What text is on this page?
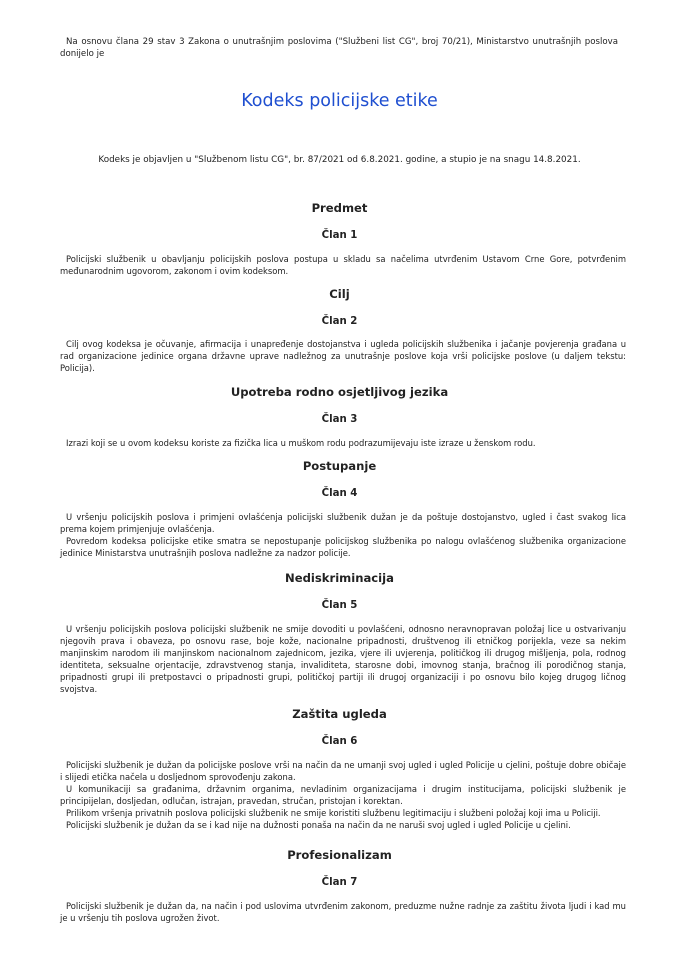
Na osnovu člana 29 stav 3 Zakona o unutrašnjim poslovima ("Službeni list CG", broj 70/21), Ministarstvo unutrašnjih poslova donijelo je
Kodeks policijske etike
Kodeks je objavljen u "Službenom listu CG", br. 87/2021 od 6.8.2021. godine, a stupio je na snagu 14.8.2021.
Predmet
Član 1

Policijski službenik u obavljanju policijskih poslova postupa u skladu sa načelima utvrđenim Ustavom Crne Gore, potvrđenim međunarodnim ugovorom, zakonom i ovim kodeksom.

Cilj
Član 2

Cilj ovog kodeksa je očuvanje, afirmacija i unapređenje dostojanstva i ugleda policijskih službenika i jačanje povjerenja građana u rad organizacione jedinice organa državne uprave nadležnog za unutrašnje poslove koja vrši policijske poslove (u daljem tekstu: Policija).

Upotreba rodno osjetljivog jezika
Član 3

Izrazi koji se u ovom kodeksu koriste za fizička lica u muškom rodu podrazumijevaju iste izraze u ženskom rodu.

Postupanje
Član 4

U vršenju policijskih poslova i primjeni ovlašćenja policijski službenik dužan je da poštuje dostojanstvo, ugled i čast svakog lica prema kojem primjenjuje ovlašćenja.

Povredom kodeksa policijske etike smatra se nepostupanje policijskog službenika po nalogu ovlašćenog službenika organizacione jedinice Ministarstva unutrašnjih poslova nadležne za nadzor policije.

Nediskriminacija
Član 5

U vršenju policijskih poslova policijski službenik ne smije dovoditi u povlašćeni, odnosno neravnopravan položaj lice u ostvarivanju njegovih prava i obaveza, po osnovu rase, boje kože, nacionalne pripadnosti, društvenog ili etničkog porijekla, veze sa nekim manjinskim narodom ili manjinskom nacionalnom zajednicom, jezika, vjere ili uvjerenja, političkog ili drugog mišljenja, pola, rodnog identiteta, seksualne orjentacije, zdravstvenog stanja, invaliditeta, starosne dobi, imovnog stanja, bračnog ili porodičnog stanja, pripadnosti grupi ili pretpostavci o pripadnosti grupi, političkoj partiji ili drugoj organizaciji i po osnovu bilo kojeg drugog ličnog svojstva.

Zaštita ugleda
Član 6

Policijski službenik je dužan da policijske poslove vrši na način da ne umanji svoj ugled i ugled Policije u cjelini, poštuje dobre običaje i slijedi etička načela u dosljednom sprovođenju zakona.

U komunikaciji sa građanima, državnim organima, nevladinim organizacijama i drugim institucijama, policijski službenik je principijelan, dosljedan, odlučan, istrajan, pravedan, stručan, pristojan i korektan.

Prilikom vršenja privatnih poslova policijski službenik ne smije koristiti službenu legitimaciju i službeni položaj koji ima u Policiji.

Policijski službenik je dužan da se i kad nije na dužnosti ponaša na način da ne naruši svoj ugled i ugled Policije u cjelini.

Profesionalizam
Član 7

Policijski službenik je dužan da, na način i pod uslovima utvrđenim zakonom, preduzme nužne radnje za zaštitu života ljudi i kad mu je u vršenju tih poslova ugrožen život.
